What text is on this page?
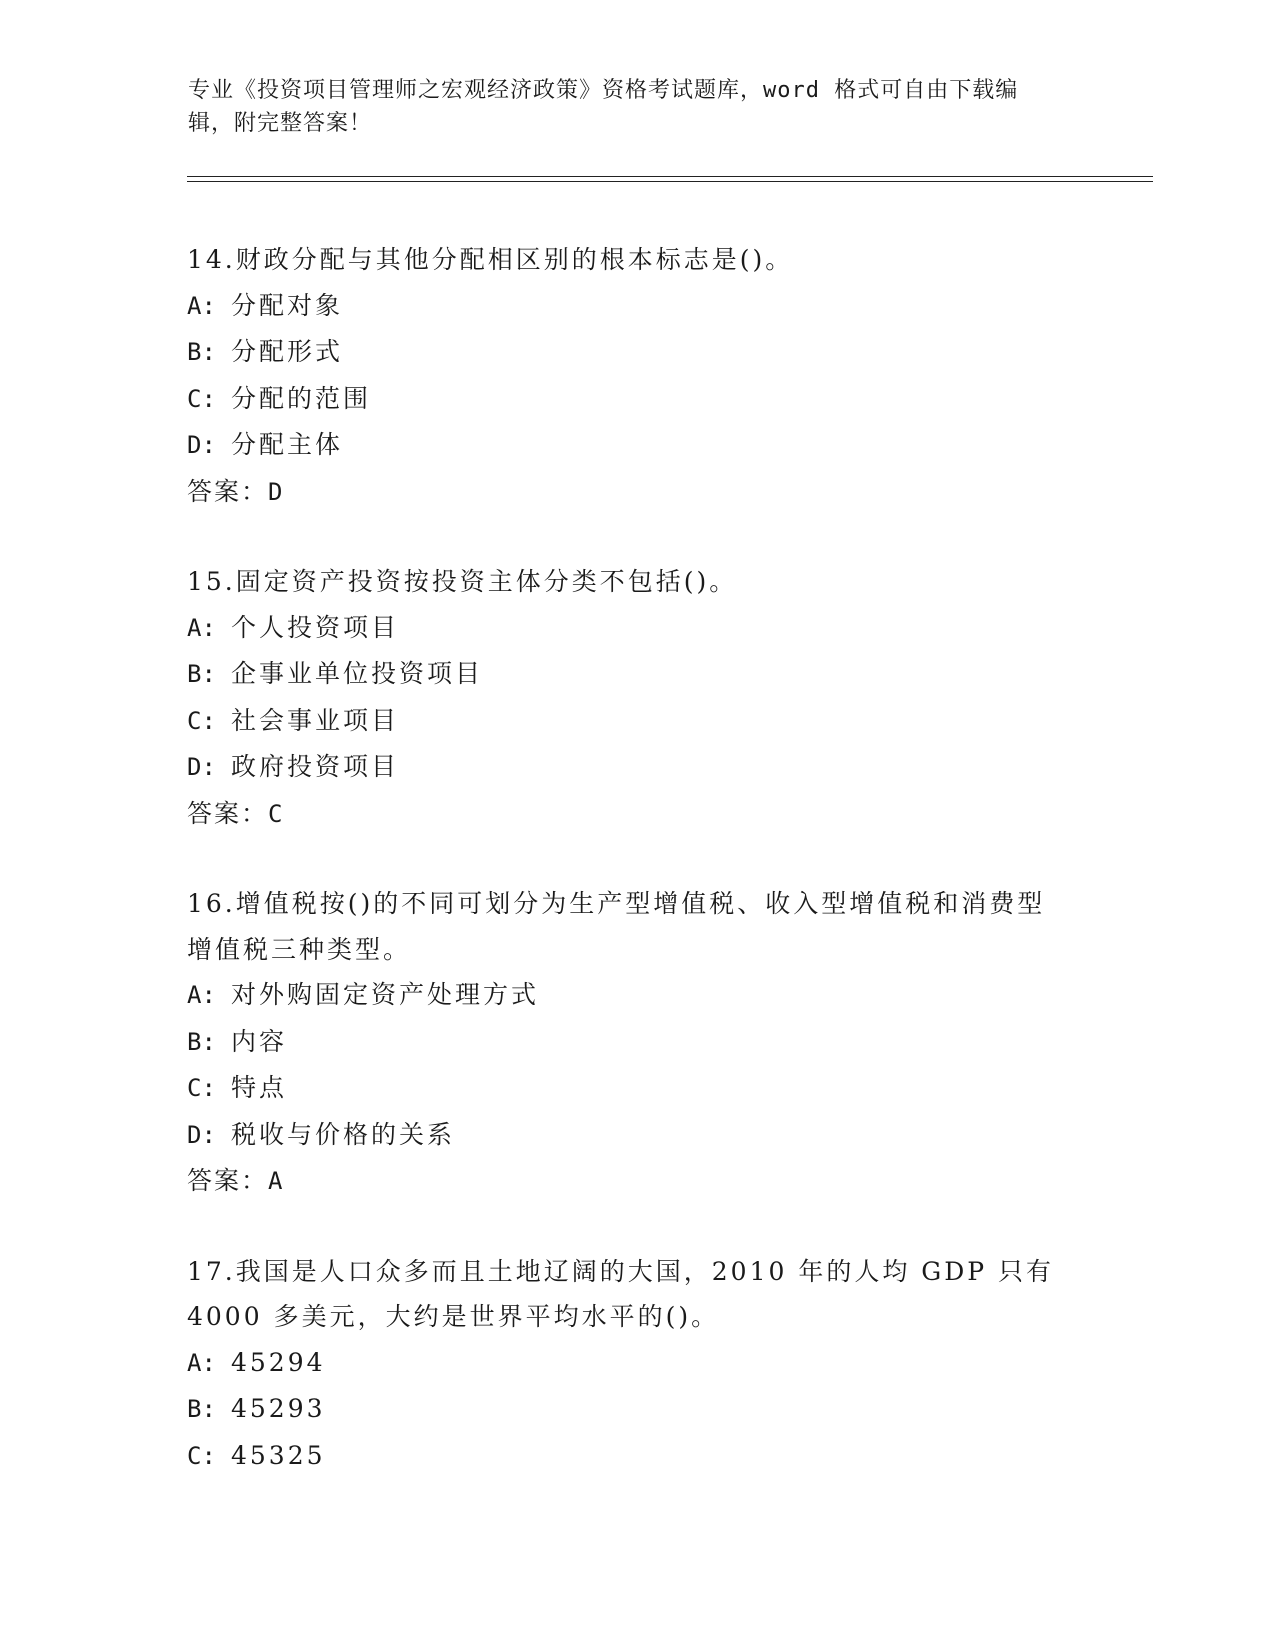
专业《投资项目管理师之宏观经济政策》资格考试题库，word 格式可自由下载编
辑，附完整答案！
14.财政分配与其他分配相区别的根本标志是()。
A: 分配对象
B: 分配形式
C: 分配的范围
D: 分配主体
答案：D
15.固定资产投资按投资主体分类不包括()。
A: 个人投资项目
B: 企事业单位投资项目
C: 社会事业项目
D: 政府投资项目
答案：C
16.增值税按()的不同可划分为生产型增值税、收入型增值税和消费型
增值税三种类型。
A: 对外购固定资产处理方式
B: 内容
C: 特点
D: 税收与价格的关系
答案：A
17.我国是人口众多而且土地辽阔的大国，2010 年的人均 GDP 只有
4000 多美元，大约是世界平均水平的()。
A: 45294
B: 45293
C: 45325
